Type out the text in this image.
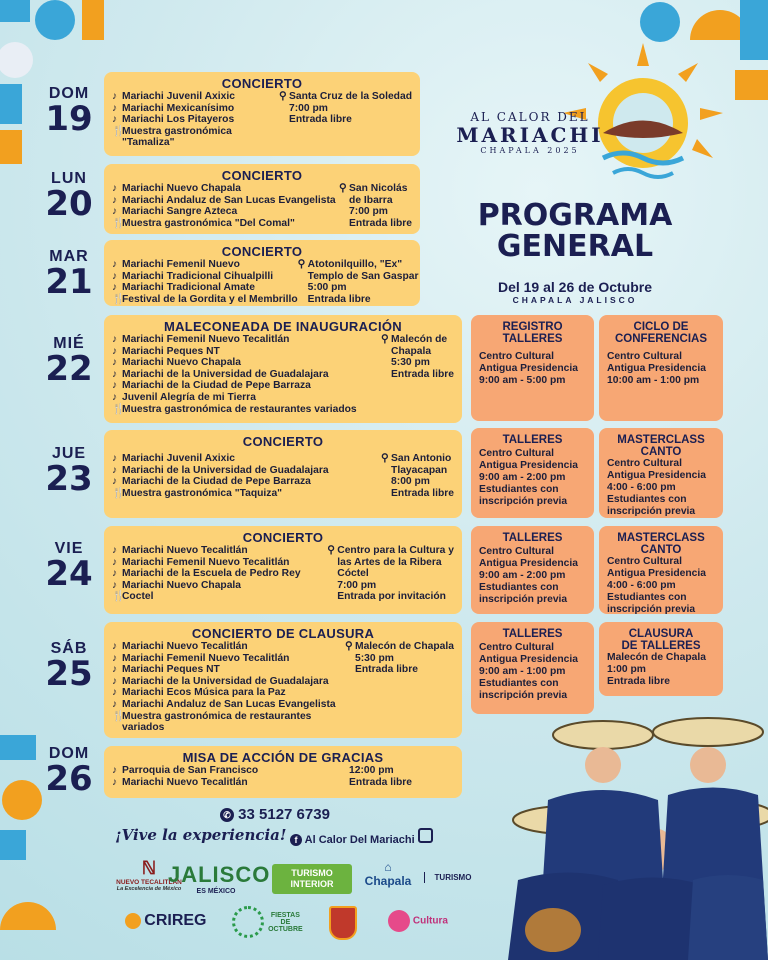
AL CALOR DEL
MARIACHI
CHAPALA 2025
PROGRAMA
GENERAL
Del 19 al 26 de Octubre
CHAPALA JALISCO
DOM
19
LUN
20
MAR
21
MIÉ
22
JUE
23
VIE
24
SÁB
25
DOM
26
CONCIERTO
♪ Mariachi Juvenil Axixic
♪ Mariachi Mexicanísimo
♪ Mariachi Los Pitayeros
🍴Muestra gastronómica
"Tamaliza"
⚲ Santa Cruz de la Soledad
7:00 pm
Entrada libre
CONCIERTO
♪ Mariachi Nuevo Chapala
♪ Mariachi Andaluz de San Lucas Evangelista
♪ Mariachi Sangre Azteca
🍴Muestra gastronómica "Del Comal"
⚲ San Nicolás
de Ibarra
7:00 pm
Entrada libre
CONCIERTO
♪ Mariachi Femenil Nuevo
♪ Mariachi Tradicional Cihualpilli
♪ Mariachi Tradicional Amate
🍴Festival de la Gordita y el Membrillo
⚲ Atotonilquillo, "Ex"
Templo de San Gaspar
5:00 pm
Entrada libre
MALECONEADA DE INAUGURACIÓN
♪ Mariachi Femenil Nuevo Tecalitlán
♪ Mariachi Peques NT
♪ Mariachi Nuevo Chapala
♪ Mariachi de la Universidad de Guadalajara
♪ Mariachi de la Ciudad de Pepe Barraza
♪ Juvenil Alegría de mi Tierra
🍴Muestra gastronómica de restaurantes variados
⚲ Malecón de
Chapala
5:30 pm
Entrada libre
CONCIERTO
♪ Mariachi Juvenil Axixic
♪ Mariachi de la Universidad de Guadalajara
♪ Mariachi de la Ciudad de Pepe Barraza
🍴Muestra gastronómica "Taquiza"
⚲ San Antonio
Tlayacapan
8:00 pm
Entrada libre
CONCIERTO
♪ Mariachi Nuevo Tecalitlán
♪ Mariachi Femenil Nuevo Tecalitlán
♪ Mariachi de la Escuela de Pedro Rey
♪ Mariachi Nuevo Chapala
🍴Coctel
⚲ Centro para la Cultura y
las Artes de la Ribera
Cóctel
7:00 pm
Entrada por invitación
CONCIERTO DE CLAUSURA
♪ Mariachi Nuevo Tecalitlán
♪ Mariachi Femenil Nuevo Tecalitlán
♪ Mariachi Peques NT
♪ Mariachi de la Universidad de Guadalajara
♪ Mariachi Ecos Música para la Paz
♪ Mariachi Andaluz de San Lucas Evangelista
🍴Muestra gastronómica de restaurantes
variados
⚲ Malecón de Chapala
5:30 pm
Entrada libre
MISA DE ACCIÓN DE GRACIAS
♪ Parroquia de San Francisco
♪ Mariachi Nuevo Tecalitlán
12:00 pm
Entrada libre
REGISTRO
TALLERES
Centro Cultural
Antigua Presidencia
9:00 am - 5:00 pm
CICLO DE
CONFERENCIAS
Centro Cultural
Antigua Presidencia
10:00 am - 1:00 pm
TALLERES
Centro Cultural
Antigua Presidencia
9:00 am - 2:00 pm
Estudiantes con
inscripción previa
MASTERCLASS
CANTO
Centro Cultural
Antigua Presidencia
4:00 - 6:00 pm
Estudiantes con
inscripción previa
TALLERES
Centro Cultural
Antigua Presidencia
9:00 am - 2:00 pm
Estudiantes con
inscripción previa
MASTERCLASS
CANTO
Centro Cultural
Antigua Presidencia
4:00 - 6:00 pm
Estudiantes con
inscripción previa
TALLERES
Centro Cultural
Antigua Presidencia
9:00 am - 1:00 pm
Estudiantes con
inscripción previa
CLAUSURA
DE TALLERES
Malecón de Chapala
1:00 pm
Entrada libre
✆ 33 5127 6739
¡Vive la experiencia! f Al Calor Del Mariachi
ℕ
NUEVO TECALITLÁN
La Excelencia de México
JALISCO
ES MÉXICO
TURISMO INTERIOR
⌂
Chapala	TURISMO
CRIREG	FIESTAS DE OCTUBRE
Cultura
